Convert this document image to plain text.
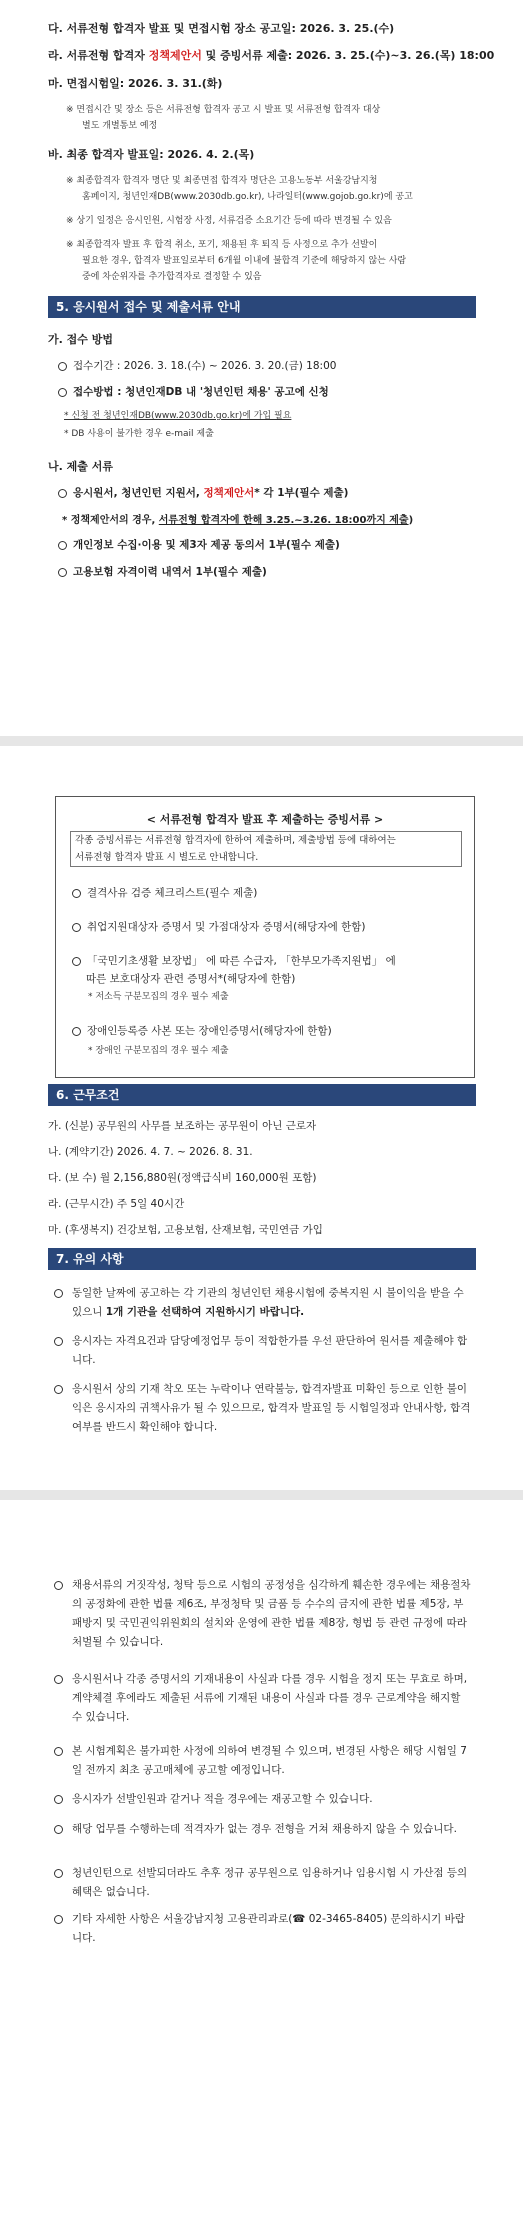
다. 서류전형 합격자 발표 및 면접시험 장소 공고일: 2026. 3. 25.(수)
라. 서류전형 합격자 정책제안서 및 증빙서류 제출: 2026. 3. 25.(수)~3. 26.(목) 18:00
마. 면접시험일: 2026. 3. 31.(화)
※ 면접시간 및 장소 등은 서류전형 합격자 공고 시 발표 및 서류전형 합격자 대상
별도 개별통보 예정
바. 최종 합격자 발표일: 2026. 4. 2.(목)
※ 최종합격자 합격자 명단 및 최종면접 합격자 명단은 고용노동부 서울강남지청
홈페이지, 청년인재DB(www.2030db.go.kr), 나라일터(www.gojob.go.kr)에 공고
※ 상기 일정은 응시인원, 시험장 사정, 서류검증 소요기간 등에 따라 변경될 수 있음
※ 최종합격자 발표 후 합격 취소, 포기, 채용된 후 퇴직 등 사정으로 추가 선발이
필요한 경우, 합격자 발표일로부터 6개월 이내에 불합격 기준에 해당하지 않는 사람
중에 차순위자를 추가합격자로 결정할 수 있음
5. 응시원서 접수 및 제출서류 안내
가. 접수 방법
접수기간 : 2026. 3. 18.(수) ~ 2026. 3. 20.(금) 18:00
접수방법 : 청년인재DB 내 '청년인턴 채용' 공고에 신청
* 신청 전 청년인재DB(www.2030db.go.kr)에 가입 필요
* DB 사용이 불가한 경우 e-mail 제출
나. 제출 서류
응시원서, 청년인턴 지원서, 정책제안서* 각 1부(필수 제출)
* 정책제안서의 경우, 서류전형 합격자에 한해 3.25.~3.26. 18:00까지 제출)
개인정보 수집·이용 및 제3자 제공 동의서 1부(필수 제출)
고용보험 자격이력 내역서 1부(필수 제출)
< 서류전형 합격자 발표 후 제출하는 증빙서류 >
각종 증빙서류는 서류전형 합격자에 한하여 제출하며, 제출방법 등에 대하여는
서류전형 합격자 발표 시 별도로 안내합니다.
결격사유 검증 체크리스트(필수 제출)
취업지원대상자 증명서 및 가점대상자 증명서(해당자에 한함)
「국민기초생활 보장법」 에 따른 수급자, 「한부모가족지원법」 에
따른 보호대상자 관련 증명서*(해당자에 한함)
* 저소득 구분모집의 경우 필수 제출
장애인등록증 사본 또는 장애인증명서(해당자에 한함)
* 장애인 구분모집의 경우 필수 제출
6. 근무조건
가. (신분) 공무원의 사무를 보조하는 공무원이 아닌 근로자
나. (계약기간) 2026. 4. 7. ~ 2026. 8. 31.
다. (보 수) 월 2,156,880원(정액급식비 160,000원 포함)
라. (근무시간) 주 5일 40시간
마. (후생복지) 건강보험, 고용보험, 산재보험, 국민연금 가입
7. 유의 사항
동일한 날짜에 공고하는 각 기관의 청년인턴 채용시험에 중복지원 시 불이익을 받을 수 있으니 1개 기관을 선택하여 지원하시기 바랍니다.
응시자는 자격요건과 담당예정업무 등이 적합한가를 우선 판단하여 원서를 제출해야 합니다.
응시원서 상의 기재 착오 또는 누락이나 연락불능, 합격자발표 미확인 등으로 인한 불이익은 응시자의 귀책사유가 될 수 있으므로, 합격자 발표일 등 시험일정과 안내사항, 합격여부를 반드시 확인해야 합니다.
채용서류의 거짓작성, 청탁 등으로 시험의 공정성을 심각하게 훼손한 경우에는 채용절차의 공정화에 관한 법률 제6조, 부정청탁 및 금품 등 수수의 금지에 관한 법률 제5장, 부패방지 및 국민권익위원회의 설치와 운영에 관한 법률 제8장, 형법 등 관련 규정에 따라 처벌될 수 있습니다.
응시원서나 각종 증명서의 기재내용이 사실과 다를 경우 시험을 정지 또는 무효로 하며, 계약체결 후에라도 제출된 서류에 기재된 내용이 사실과 다를 경우 근로계약을 해지할 수 있습니다.
본 시험계획은 불가피한 사정에 의하여 변경될 수 있으며, 변경된 사항은 해당 시험일 7일 전까지 최초 공고매체에 공고할 예정입니다.
응시자가 선발인원과 같거나 적을 경우에는 재공고할 수 있습니다.
해당 업무를 수행하는데 적격자가 없는 경우 전형을 거쳐 채용하지 않을 수 있습니다.
청년인턴으로 선발되더라도 추후 정규 공무원으로 임용하거나 임용시험 시 가산점 등의 혜택은 없습니다.
기타 자세한 사항은 서울강남지청 고용관리과로(☎ 02-3465-8405) 문의하시기 바랍니다.
